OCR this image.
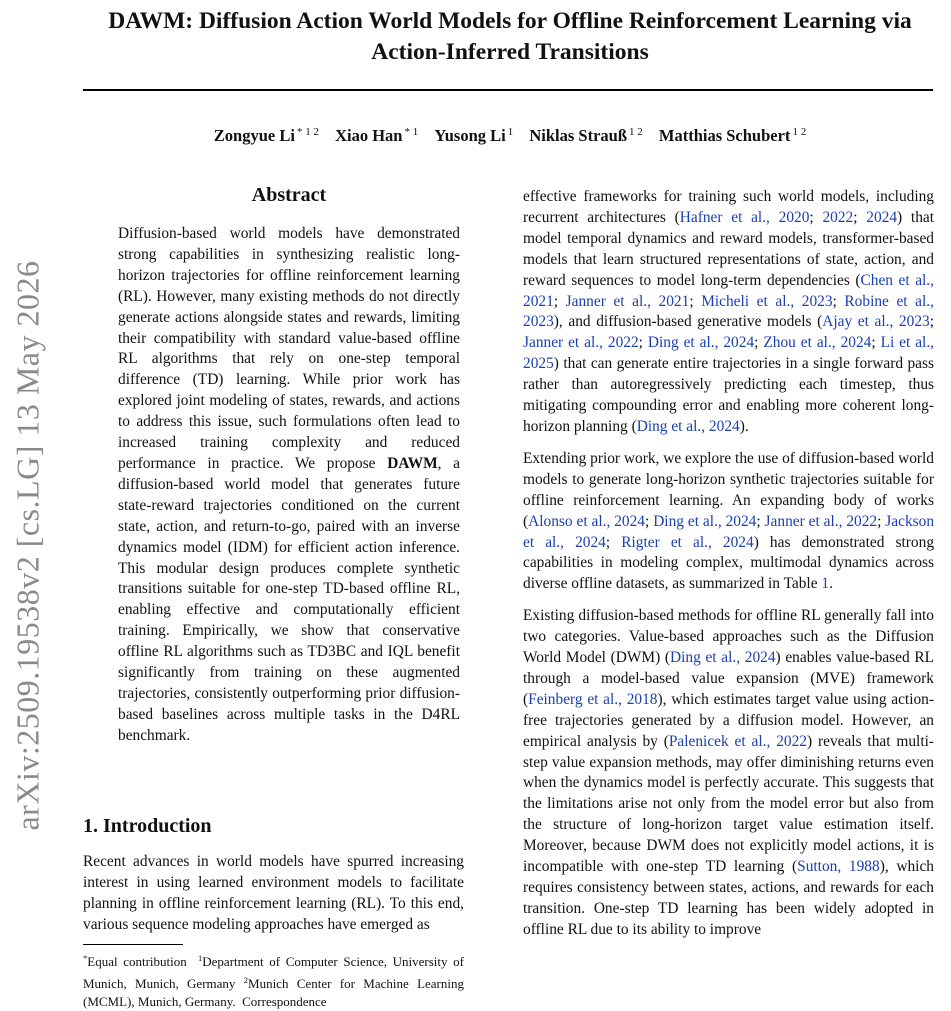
arXiv:2509.19538v2 [cs.LG] 13 May 2026
DAWM: Diffusion Action World Models for Offline Reinforcement Learning via
Action-Inferred Transitions
Zongyue Li $^{* 1 2}$ Xiao Han $^{* 1}$ Yusong Li $^1$ Niklas Strauß $^{1 2}$ Matthias Schubert $^{1 2}$
Abstract
Diffusion-based world models have demonstrated strong capabilities in synthesizing realistic long-horizon trajectories for offline reinforcement learning (RL). However, many existing methods do not directly generate actions alongside states and rewards, limiting their compatibility with standard value-based offline RL algorithms that rely on one-step temporal difference (TD) learning. While prior work has explored joint modeling of states, rewards, and actions to address this issue, such formulations often lead to increased training complexity and reduced performance in practice. We propose DAWM, a diffusion-based world model that generates future state-reward trajectories conditioned on the current state, action, and return-to-go, paired with an inverse dynamics model (IDM) for efficient action inference. This modular design produces complete synthetic transitions suitable for one-step TD-based offline RL, enabling effective and computationally efficient training. Empirically, we show that conservative offline RL algorithms such as TD3BC and IQL benefit significantly from training on these augmented trajectories, consistently outperforming prior diffusion-based baselines across multiple tasks in the D4RL benchmark.
1. Introduction
Recent advances in world models have spurred increasing interest in using learned environment models to facilitate planning in offline reinforcement learning (RL). To this end, various sequence modeling approaches have emerged as
*Equal contribution $^1$Department of Computer Science, University of Munich, Munich, Germany $^2$Munich Center for Machine Learning (MCML), Munich, Germany. Correspondence

effective frameworks for training such world models, including recurrent architectures (Hafner et al., 2020; 2022; 2024) that model temporal dynamics and reward models, transformer-based models that learn structured representations of state, action, and reward sequences to model long-term dependencies (Chen et al., 2021; Janner et al., 2021; Micheli et al., 2023; Robine et al., 2023), and diffusion-based generative models (Ajay et al., 2023; Janner et al., 2022; Ding et al., 2024; Zhou et al., 2024; Li et al., 2025) that can generate entire trajectories in a single forward pass rather than autoregressively predicting each timestep, thus mitigating compounding error and enabling more coherent long-horizon planning (Ding et al., 2024).

Extending prior work, we explore the use of diffusion-based world models to generate long-horizon synthetic trajectories suitable for offline reinforcement learning. An expanding body of works (Alonso et al., 2024; Ding et al., 2024; Janner et al., 2022; Jackson et al., 2024; Rigter et al., 2024) has demonstrated strong capabilities in modeling complex, multimodal dynamics across diverse offline datasets, as summarized in Table 1.

Existing diffusion-based methods for offline RL generally fall into two categories. Value-based approaches such as the Diffusion World Model (DWM) (Ding et al., 2024) enables value-based RL through a model-based value expansion (MVE) framework (Feinberg et al., 2018), which estimates target value using action-free trajectories generated by a diffusion model. However, an empirical analysis by (Palenicek et al., 2022) reveals that multi-step value expansion methods, may offer diminishing returns even when the dynamics model is perfectly accurate. This suggests that the limitations arise not only from the model error but also from the structure of long-horizon target value estimation itself. Moreover, because DWM does not explicitly model actions, it is incompatible with one-step TD learning (Sutton, 1988), which requires consistency between states, actions, and rewards for each transition. One-step TD learning has been widely adopted in offline RL due to its ability to improve
